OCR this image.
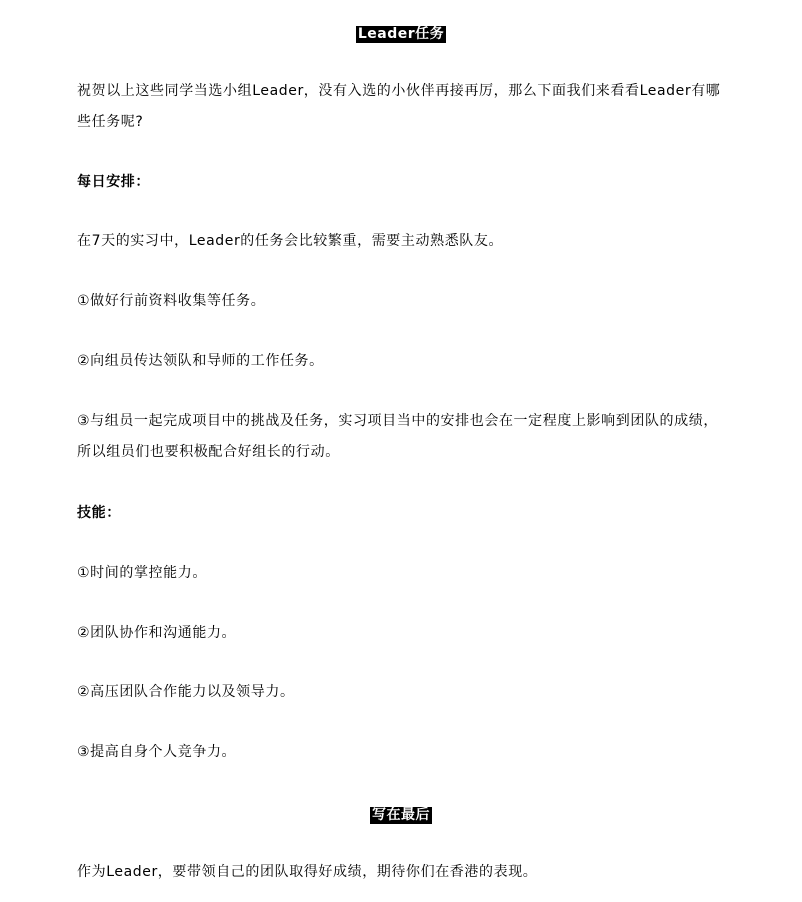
Leader任务
祝贺以上这些同学当选小组Leader，没有入选的小伙伴再接再厉，那么下面我们来看看Leader有哪些任务呢?
每日安排：
在7天的实习中，Leader的任务会比较繁重，需要主动熟悉队友。
①做好行前资料收集等任务。
②向组员传达领队和导师的工作任务。
③与组员一起完成项目中的挑战及任务，实习项目当中的安排也会在一定程度上影响到团队的成绩，所以组员们也要积极配合好组长的行动。
技能：
①时间的掌控能力。
②团队协作和沟通能力。
②高压团队合作能力以及领导力。
③提高自身个人竞争力。
写在最后
作为Leader，要带领自己的团队取得好成绩，期待你们在香港的表现。
